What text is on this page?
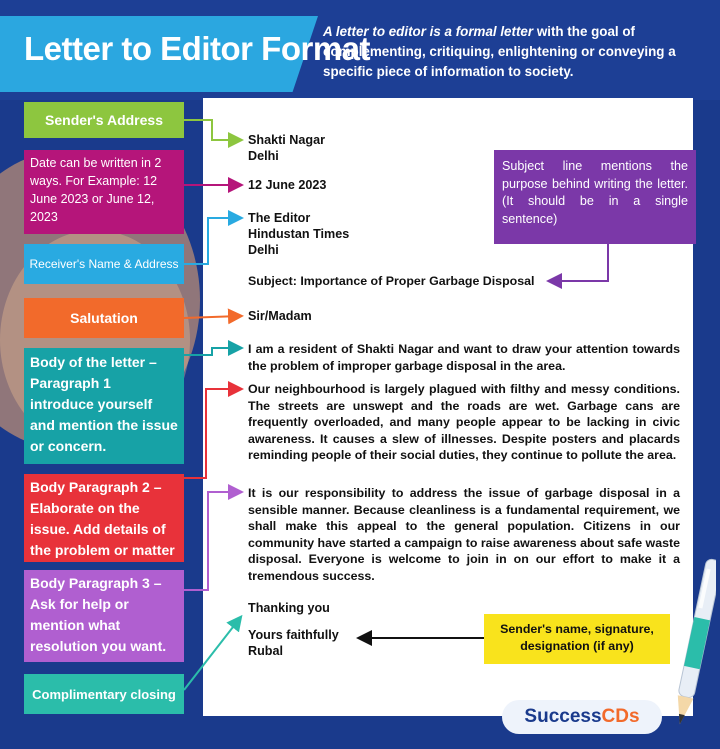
Letter to Editor Format
A letter to editor is a formal letter with the goal of complementing, critiquing, enlightening or conveying a specific piece of information to society.
Sender's Address
Date can be written in 2 ways. For Example: 12 June 2023 or June 12, 2023
Receiver's Name & Address
Salutation
Body of the letter – Paragraph 1 introduce yourself and mention the issue or concern.
Body Paragraph 2 – Elaborate on the issue. Add details of the problem or matter
Body Paragraph 3 – Ask for help or mention what resolution you want.
Complimentary closing
Shakti Nagar
Delhi
12 June 2023
The Editor
Hindustan Times
Delhi
Subject: Importance of Proper Garbage Disposal
Sir/Madam
I am a resident of Shakti Nagar and want to draw your attention towards the problem of improper garbage disposal in the area.
Our neighbourhood is largely plagued with filthy and messy conditions. The streets are unswept and the roads are wet. Garbage cans are frequently overloaded, and many people appear to be lacking in civic awareness. It causes a slew of illnesses. Despite posters and placards reminding people of their social duties, they continue to pollute the area.
It is our responsibility to address the issue of garbage disposal in a sensible manner. Because cleanliness is a fundamental requirement, we shall make this appeal to the general population. Citizens in our community have started a campaign to raise awareness about safe waste disposal. Everyone is welcome to join in on our effort to make it a tremendous success.
Thanking you
Yours faithfully
Rubal
Subject line mentions the purpose behind writing the letter. (It should be in a single sentence)
Sender's name, signature, designation (if any)
Success CDs
